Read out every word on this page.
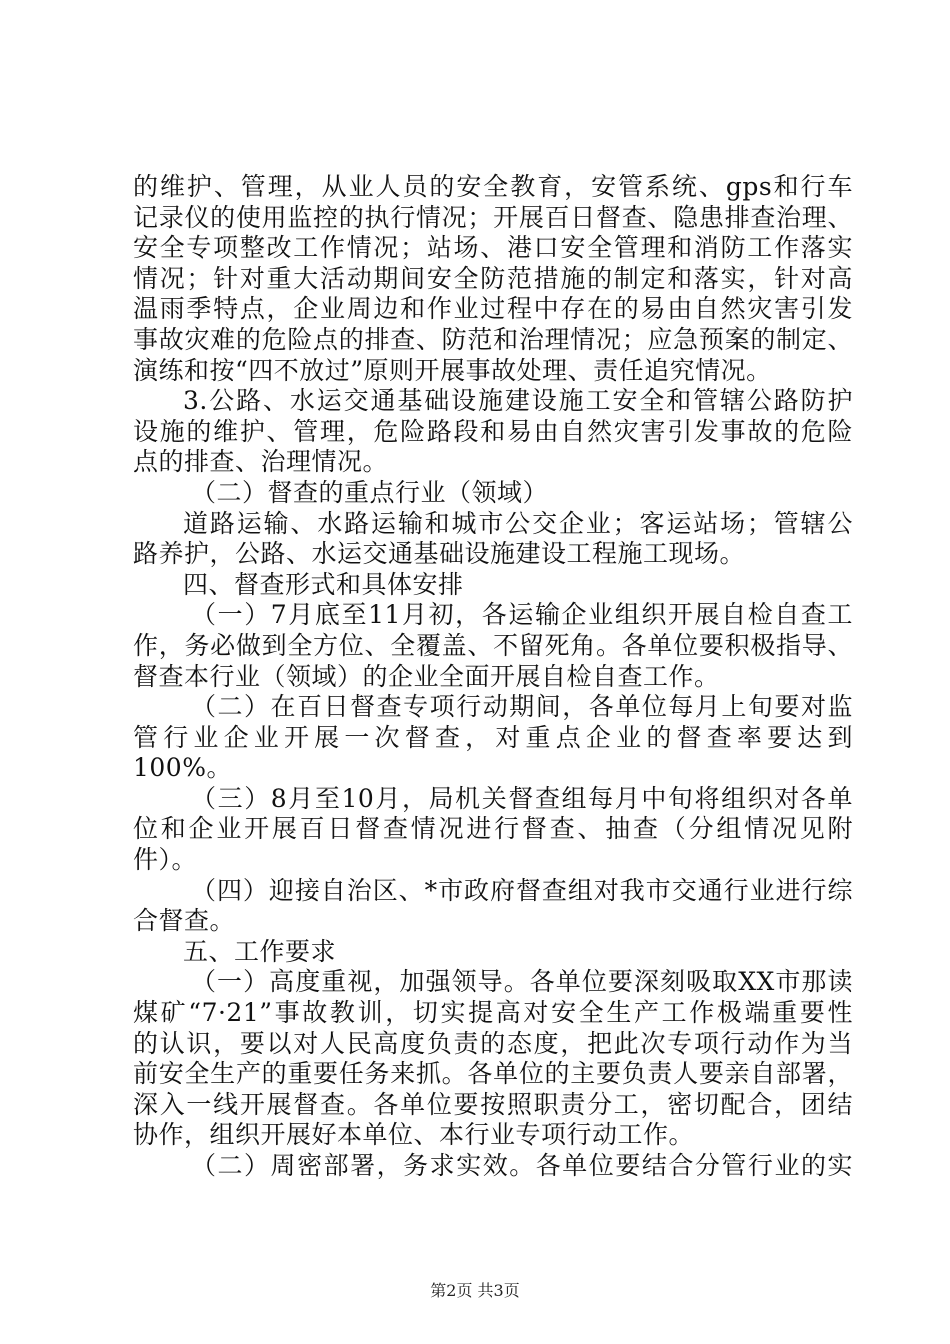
的维护、管理，从业人员的安全教育，安管系统、gps和行车
记录仪的使用监控的执行情况；开展百日督查、隐患排查治理、
安全专项整改工作情况；站场、港口安全管理和消防工作落实
情况；针对重大活动期间安全防范措施的制定和落实，针对高
温雨季特点，企业周边和作业过程中存在的易由自然灾害引发
事故灾难的危险点的排查、防范和治理情况；应急预案的制定、
演练和按“四不放过”原则开展事故处理、责任追究情况。
3.公路、水运交通基础设施建设施工安全和管辖公路防护
设施的维护、管理，危险路段和易由自然灾害引发事故的危险
点的排查、治理情况。
（二）督查的重点行业（领域）
道路运输、水路运输和城市公交企业；客运站场；管辖公
路养护，公路、水运交通基础设施建设工程施工现场。
四、督查形式和具体安排
（一）7月底至11月初，各运输企业组织开展自检自查工
作，务必做到全方位、全覆盖、不留死角。各单位要积极指导、
督查本行业（领域）的企业全面开展自检自查工作。
（二）在百日督查专项行动期间，各单位每月上旬要对监
管行业企业开展一次督查，对重点企业的督查率要达到
100%。
（三）8月至10月，局机关督查组每月中旬将组织对各单
位和企业开展百日督查情况进行督查、抽查（分组情况见附
件）。
（四）迎接自治区、*市政府督查组对我市交通行业进行综
合督查。
五、工作要求
（一）高度重视，加强领导。各单位要深刻吸取XX市那读
煤矿“7·21”事故教训，切实提高对安全生产工作极端重要性
的认识，要以对人民高度负责的态度，把此次专项行动作为当
前安全生产的重要任务来抓。各单位的主要负责人要亲自部署，
深入一线开展督查。各单位要按照职责分工，密切配合，团结
协作，组织开展好本单位、本行业专项行动工作。
（二）周密部署，务求实效。各单位要结合分管行业的实
第2页 共3页
